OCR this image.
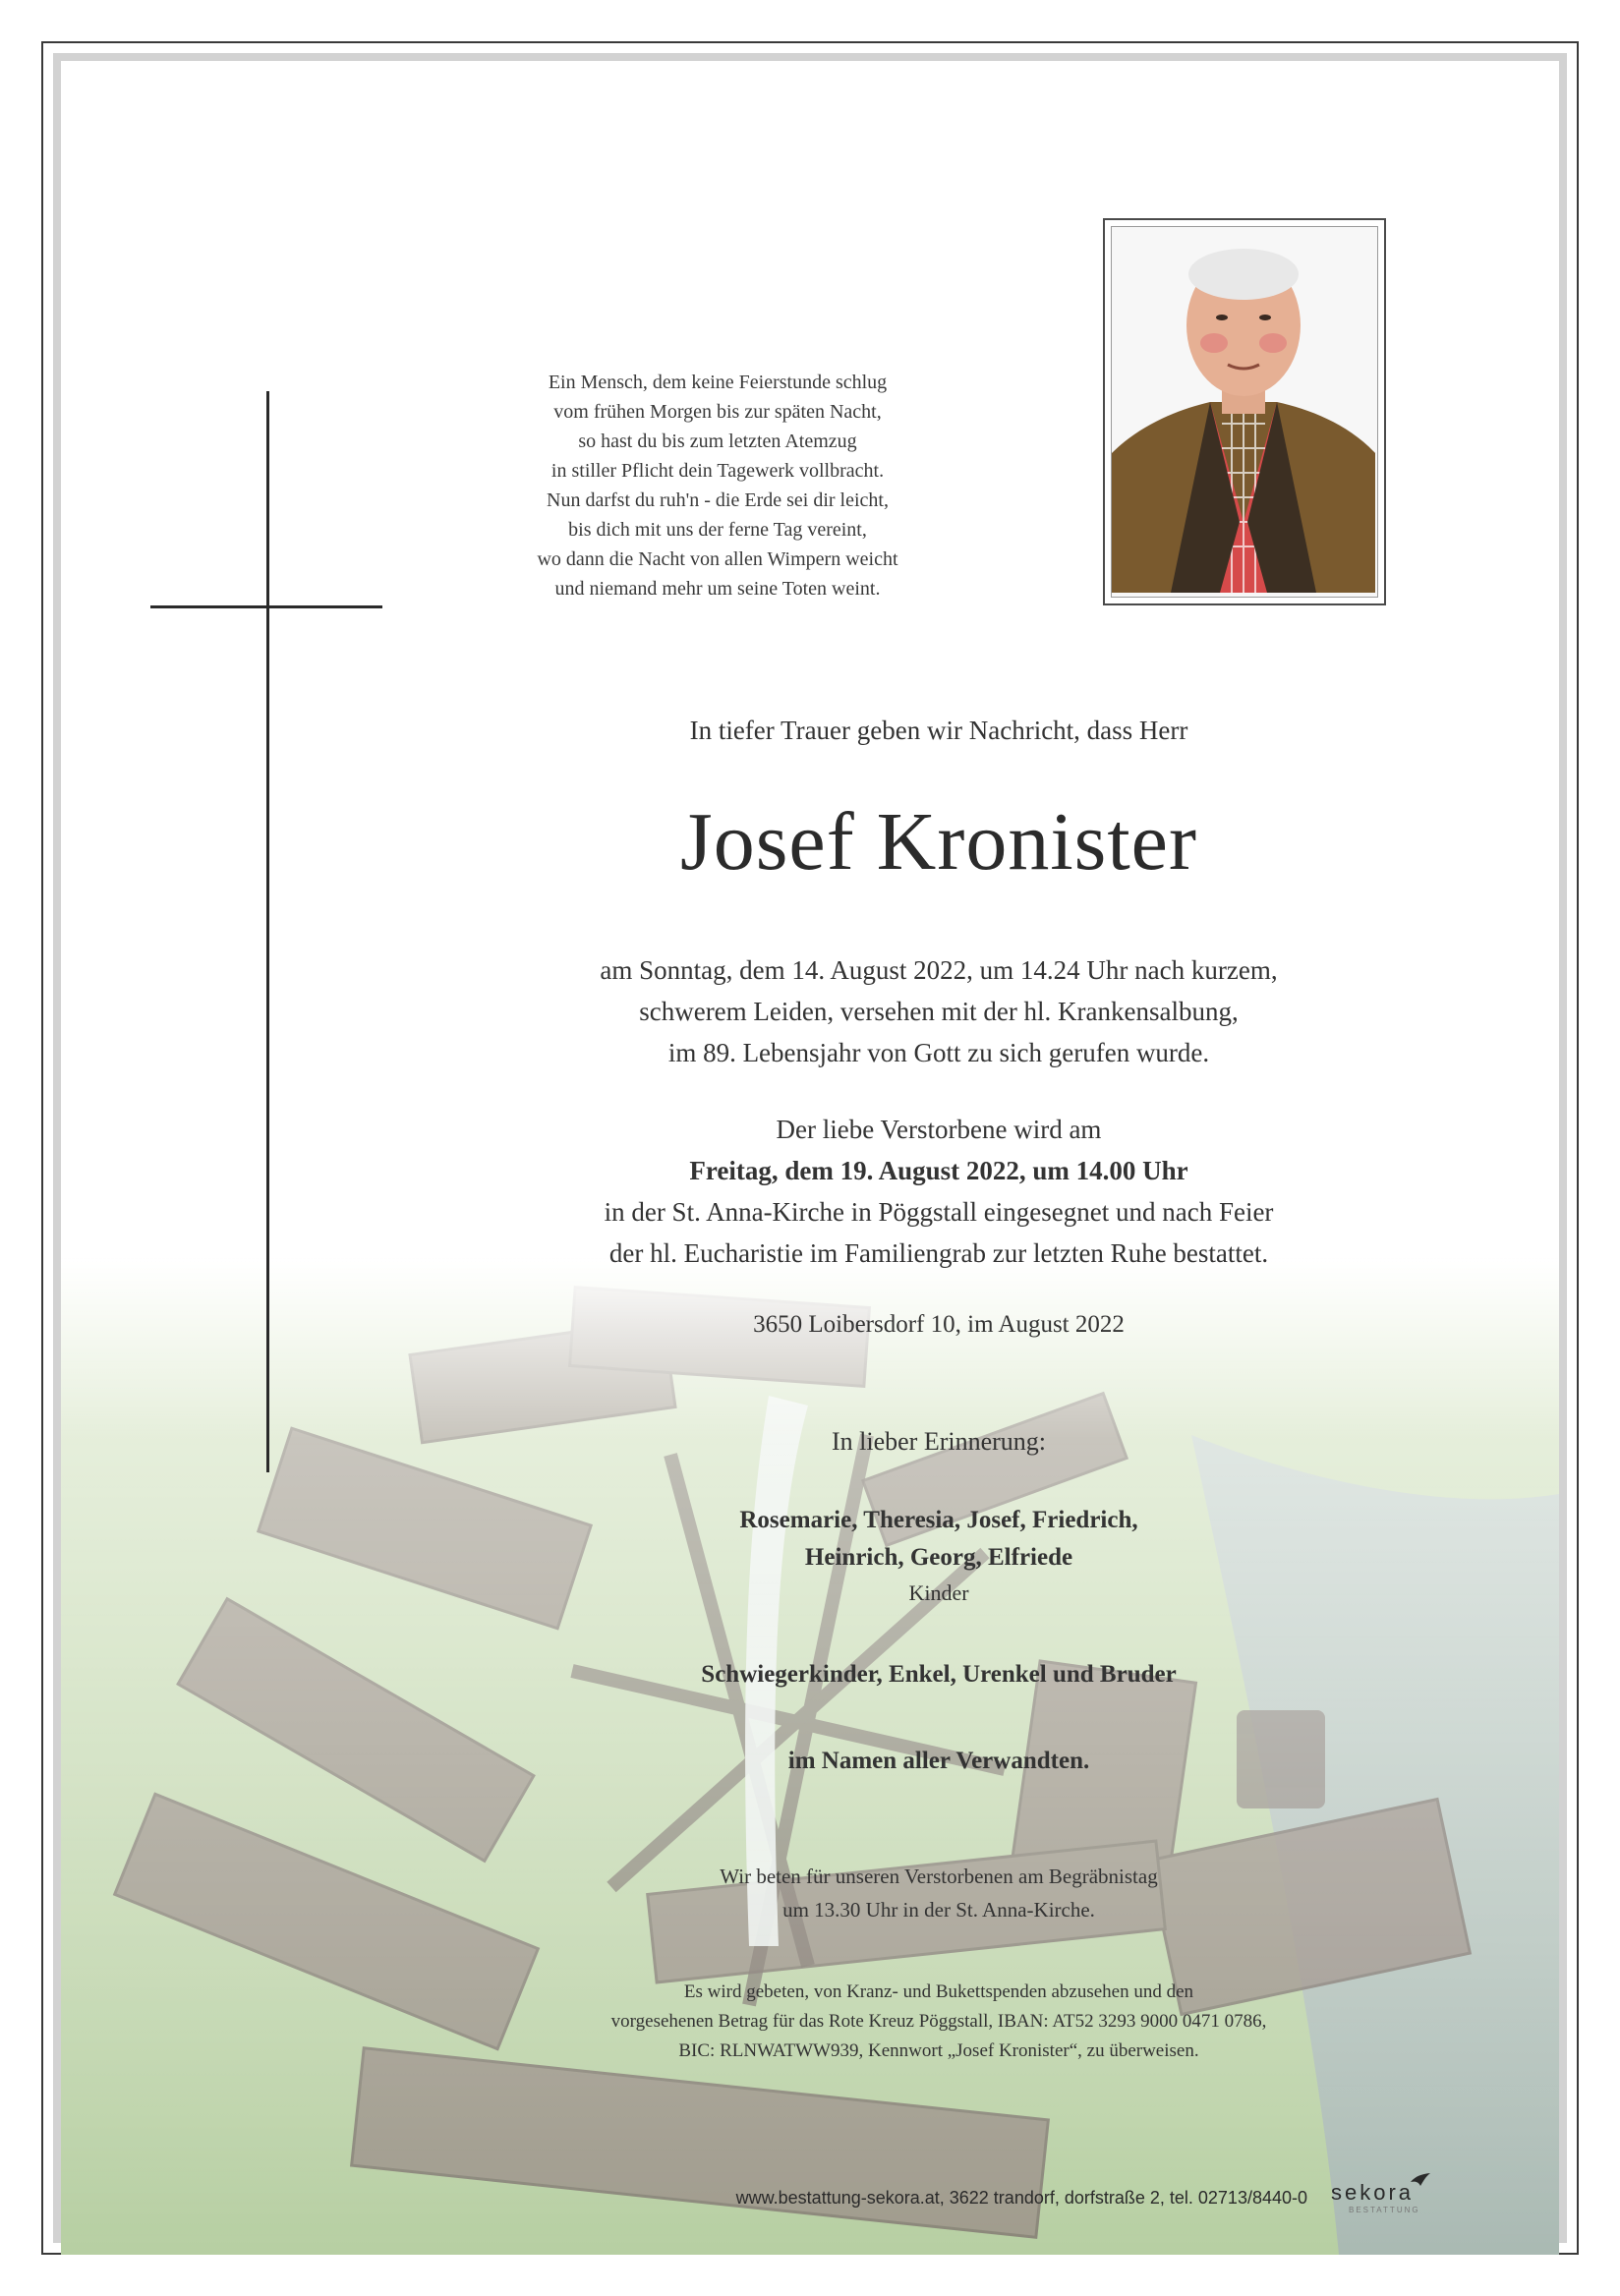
Ein Mensch, dem keine Feierstunde schlug
vom frühen Morgen bis zur späten Nacht,
so hast du bis zum letzten Atemzug
in stiller Pflicht dein Tagewerk vollbracht.
Nun darfst du ruh'n - die Erde sei dir leicht,
bis dich mit uns der ferne Tag vereint,
wo dann die Nacht von allen Wimpern weicht
und niemand mehr um seine Toten weint.
In tiefer Trauer geben wir Nachricht, dass Herr
Josef Kronister
am Sonntag, dem 14. August 2022, um 14.24 Uhr nach kurzem,
schwerem Leiden, versehen mit der hl. Krankensalbung,
im 89. Lebensjahr von Gott zu sich gerufen wurde.
Der liebe Verstorbene wird am
Freitag, dem 19. August 2022, um 14.00 Uhr
in der St. Anna-Kirche in Pöggstall eingesegnet und nach Feier
der hl. Eucharistie im Familiengrab zur letzten Ruhe bestattet.
3650 Loibersdorf 10, im August 2022
In lieber Erinnerung:
Rosemarie, Theresia, Josef, Friedrich,
Heinrich, Georg, Elfriede
Kinder
Schwiegerkinder, Enkel, Urenkel und Bruder
im Namen aller Verwandten.
Wir beten für unseren Verstorbenen am Begräbnistag
um 13.30 Uhr in der St. Anna-Kirche.
Es wird gebeten, von Kranz- und Bukettspenden abzusehen und den
vorgesehenen Betrag für das Rote Kreuz Pöggstall, IBAN: AT52 3293 9000 0471 0786,
BIC: RLNWATWW939, Kennwort „Josef Kronister“, zu überweisen.
www.bestattung-sekora.at, 3622 trandorf, dorfstraße 2, tel. 02713/8440-0 sekora
BESTATTUNG
